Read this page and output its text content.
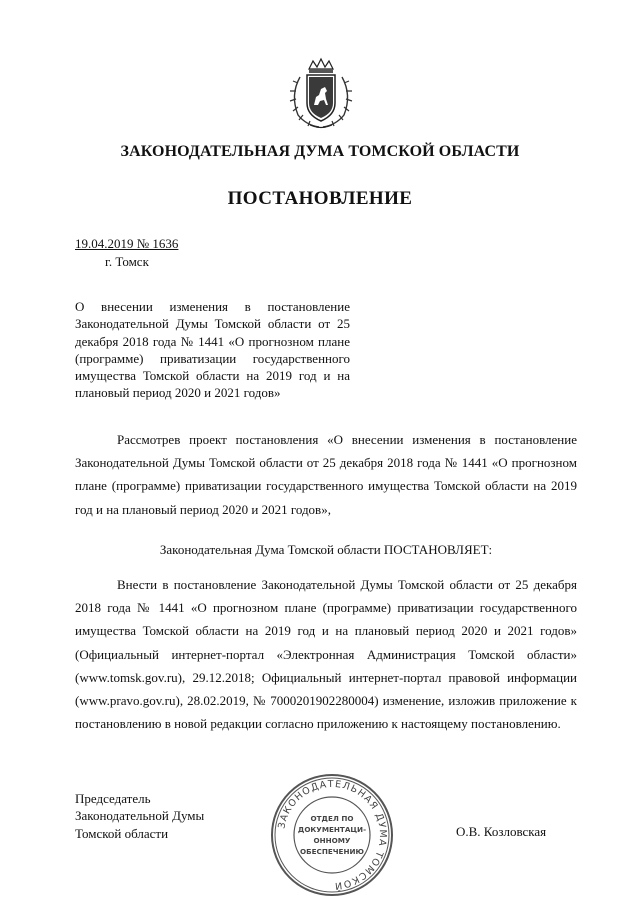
ЗАКОНОДАТЕЛЬНАЯ ДУМА ТОМСКОЙ ОБЛАСТИ
ПОСТАНОВЛЕНИЕ
19.04.2019 № 1636
г. Томск
О внесении изменения в постановление Законодательной Думы Томской области от 25 декабря 2018 года № 1441 «О прогнозном плане (программе) приватизации государственного имущества Томской области на 2019 год и на плановый период 2020 и 2021 годов»
Рассмотрев проект постановления «О внесении изменения в постановление Законодательной Думы Томской области от 25 декабря 2018 года № 1441 «О прогнозном плане (программе) приватизации государственного имущества Томской области на 2019 год и на плановый период 2020 и 2021 годов»,
Законодательная Дума Томской области ПОСТАНОВЛЯЕТ:
Внести в постановление Законодательной Думы Томской области от 25 декабря 2018 года № 1441 «О прогнозном плане (программе) приватизации государственного имущества Томской области на 2019 год и на плановый период 2020 и 2021 годов» (Официальный интернет-портал «Электронная Администрация Томской области» (www.tomsk.gov.ru), 29.12.2018; Официальный интернет-портал правовой информации (www.pravo.gov.ru), 28.02.2019, № 7000201902280004) изменение, изложив приложение к постановлению в новой редакции согласно приложению к настоящему постановлению.
Председатель
Законодательной Думы
Томской области	О.В. Козловская
ЗАКОНОДАТЕЛЬНАЯ ДУМА ТОМСКОЙ
ОТДЕЛ ПО
ДОКУМЕНТАЦИ-
ОННОМУ
ОБЕСПЕЧЕНИЮ
